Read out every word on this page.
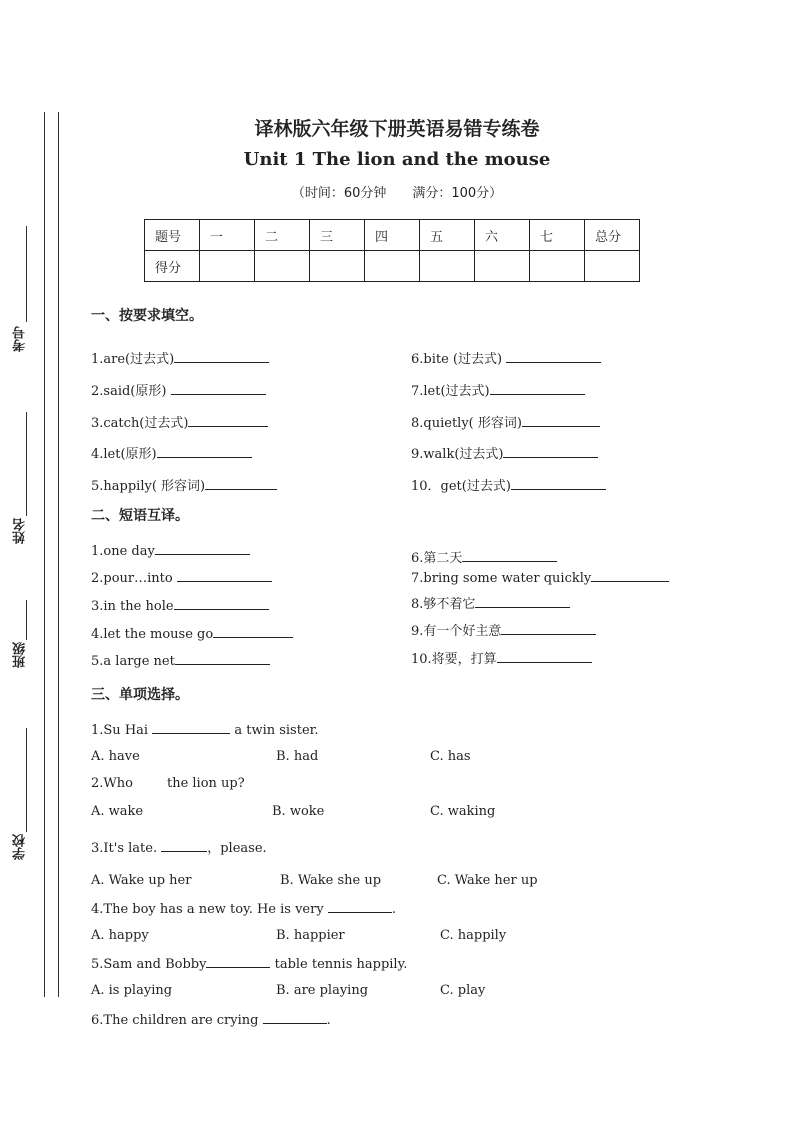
考号
姓名
班级
学校
译林版六年级下册英语易错专练卷
Unit 1 The lion and the mouse
（时间：60分钟　　满分：100分）
题号	一	二	三	四	五	六	七	总分
得分								
一、按要求填空。
1.are(过去式)
2.said(原形)
3.catch(过去式)
4.let(原形)
5.happily( 形容词)
6.bite (过去式)
7.let(过去式)
8.quietly( 形容词)
9.walk(过去式)
10．get(过去式)
二、短语互译。
1.one day
2.pour…into
3.in the hole
4.let the mouse go
5.a large net
6.第二天
7.bring some water quickly
8.够不着它
9.有一个好主意
10.将要，打算
三、单项选择。
1.Su Hai	a twin sister.
A. have	B. had	C. has
2.Who	the lion up?
A. wake	B. woke	C. waking
3.It's late.	，please.
A. Wake up her	B. Wake she up	C. Wake her up
4.The boy has a new toy. He is very	.
A. happy	B. happier	C. happily
5.Sam and Bobby	table tennis happily.
A. is playing	B. are playing	C. play
6.The children are crying	.
